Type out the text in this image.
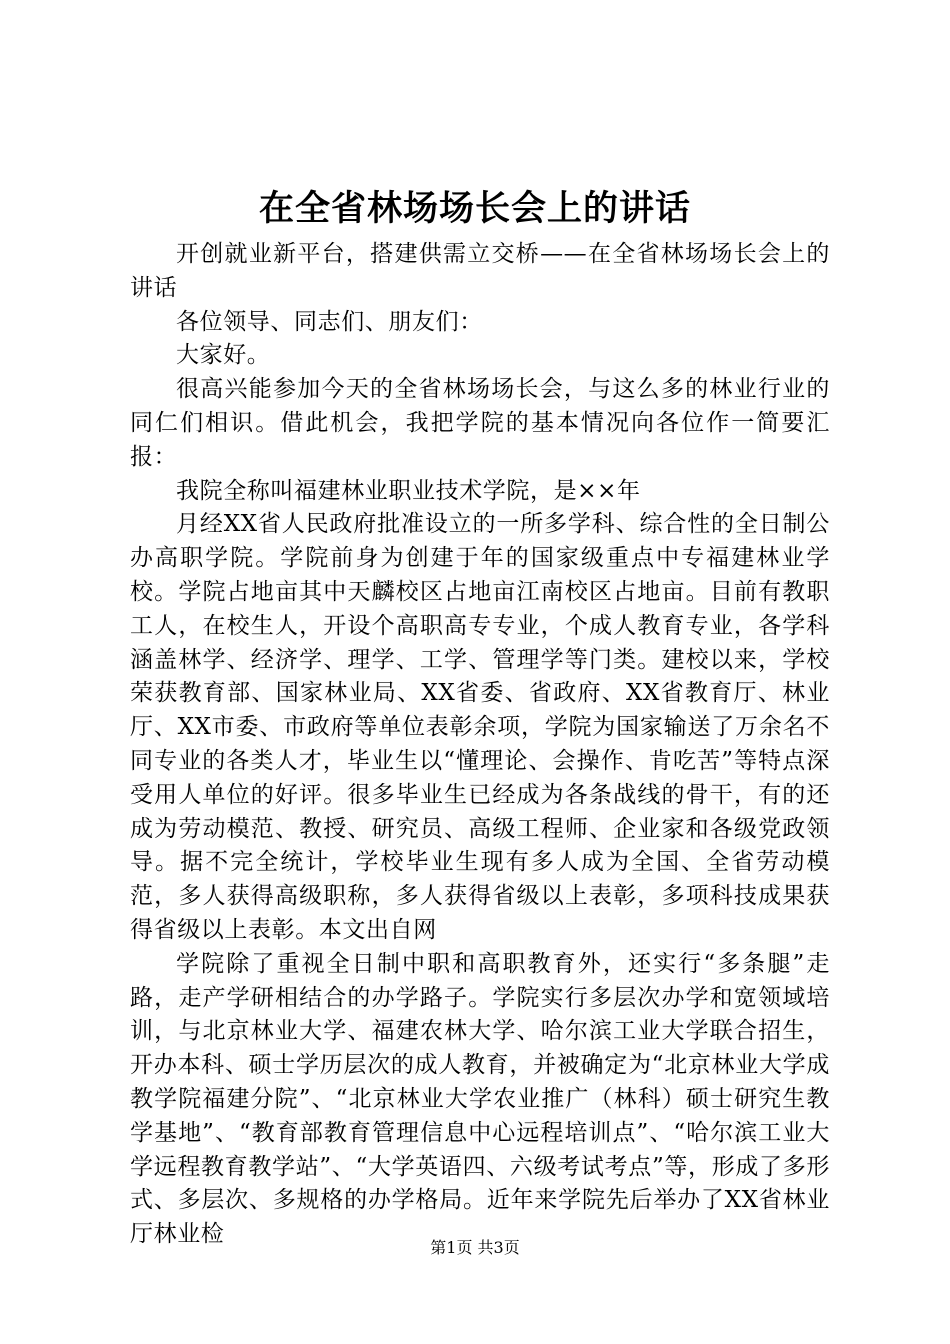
在全省林场场长会上的讲话

开创就业新平台，搭建供需立交桥——在全省林场场长会上的讲话

各位领导、同志们、朋友们：

大家好。

很高兴能参加今天的全省林场场长会，与这么多的林业行业的同仁们相识。借此机会，我把学院的基本情况向各位作一简要汇报：

我院全称叫福建林业职业技术学院，是××年

月经XX省人民政府批准设立的一所多学科、综合性的全日制公办高职学院。学院前身为创建于年的国家级重点中专福建林业学校。学院占地亩其中天麟校区占地亩江南校区占地亩。目前有教职工人，在校生人，开设个高职高专专业，个成人教育专业，各学科涵盖林学、经济学、理学、工学、管理学等门类。建校以来，学校荣获教育部、国家林业局、XX省委、省政府、XX省教育厅、林业厅、XX市委、市政府等单位表彰余项，学院为国家输送了万余名不同专业的各类人才，毕业生以“懂理论、会操作、肯吃苦”等特点深受用人单位的好评。很多毕业生已经成为各条战线的骨干，有的还成为劳动模范、教授、研究员、高级工程师、企业家和各级党政领导。据不完全统计，学校毕业生现有多人成为全国、全省劳动模范，多人获得高级职称，多人获得省级以上表彰，多项科技成果获得省级以上表彰。本文出自网

学院除了重视全日制中职和高职教育外，还实行“多条腿”走路，走产学研相结合的办学路子。学院实行多层次办学和宽领域培训，与北京林业大学、福建农林大学、哈尔滨工业大学联合招生，开办本科、硕士学历层次的成人教育，并被确定为“北京林业大学成教学院福建分院”、“北京林业大学农业推广（林科）硕士研究生教学基地”、“教育部教育管理信息中心远程培训点”、“哈尔滨工业大学远程教育教学站”、“大学英语四、六级考试考点”等，形成了多形式、多层次、多规格的办学格局。近年来学院先后举办了XX省林业厅林业检

第1页 共3页
